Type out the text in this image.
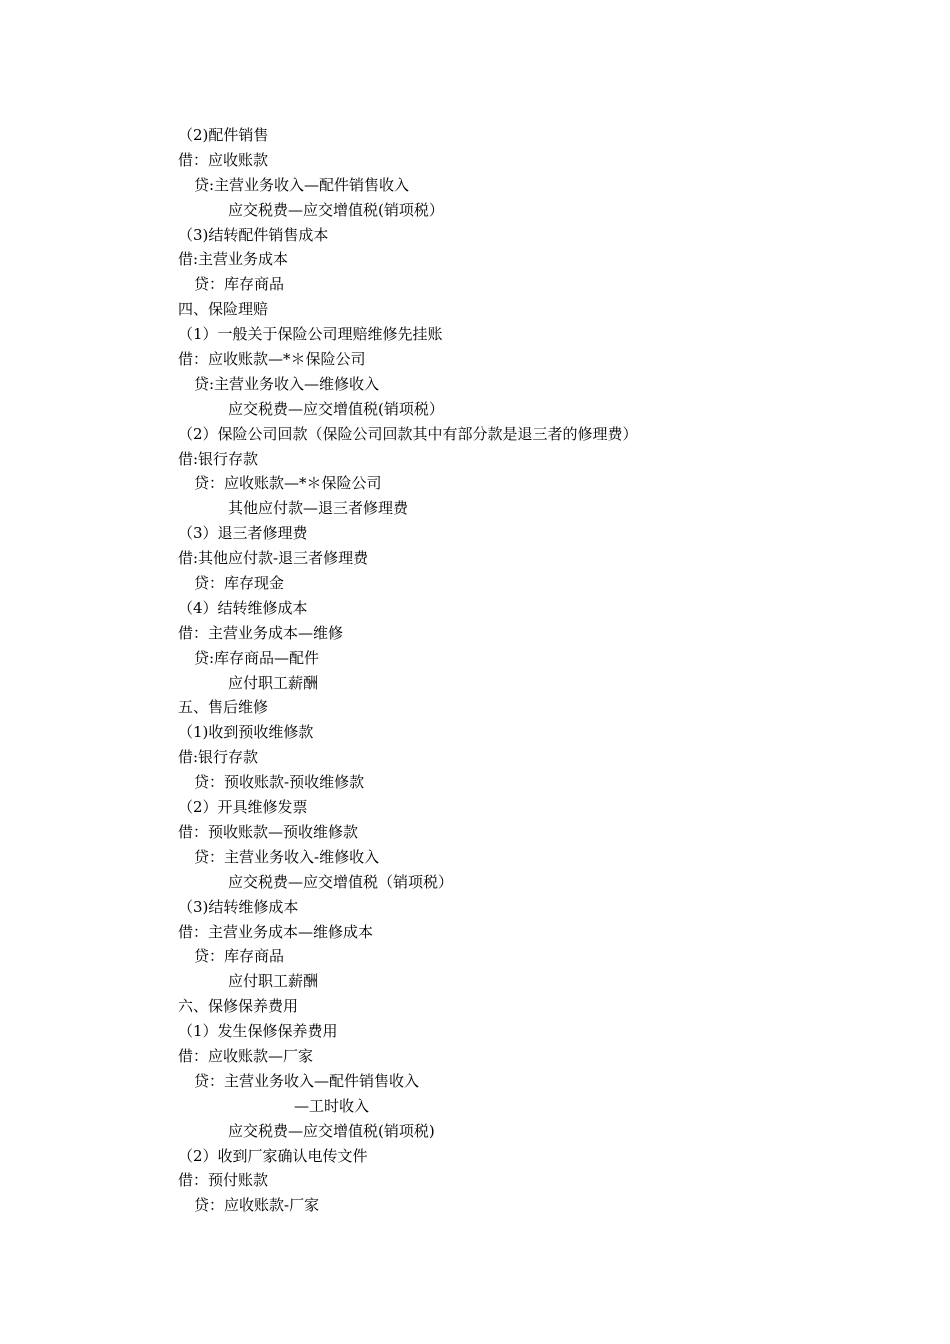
（2)配件销售
借：应收账款
贷:主营业务收入—配件销售收入
应交税费—应交增值税(销项税）
（3)结转配件销售成本
借:主营业务成本
贷：库存商品
四、保险理赔
（1）一般关于保险公司理赔维修先挂账
借：应收账款—*＊保险公司
贷:主营业务收入—维修收入
应交税费—应交增值税(销项税）
（2）保险公司回款（保险公司回款其中有部分款是退三者的修理费）
借:银行存款
贷：应收账款—*＊保险公司
其他应付款—退三者修理费
（3）退三者修理费
借:其他应付款-退三者修理费
贷：库存现金
（4）结转维修成本
借：主营业务成本—维修
贷:库存商品—配件
应付职工薪酬
五、售后维修
（1)收到预收维修款
借:银行存款
贷：预收账款-预收维修款
（2）开具维修发票
借：预收账款—预收维修款
贷：主营业务收入-维修收入
应交税费—应交增值税（销项税）
（3)结转维修成本
借：主营业务成本—维修成本
贷：库存商品
应付职工薪酬
六、保修保养费用
（1）发生保修保养费用
借：应收账款—厂家
贷：主营业务收入—配件销售收入
—工时收入
应交税费—应交增值税(销项税)
（2）收到厂家确认电传文件
借：预付账款
贷：应收账款-厂家
